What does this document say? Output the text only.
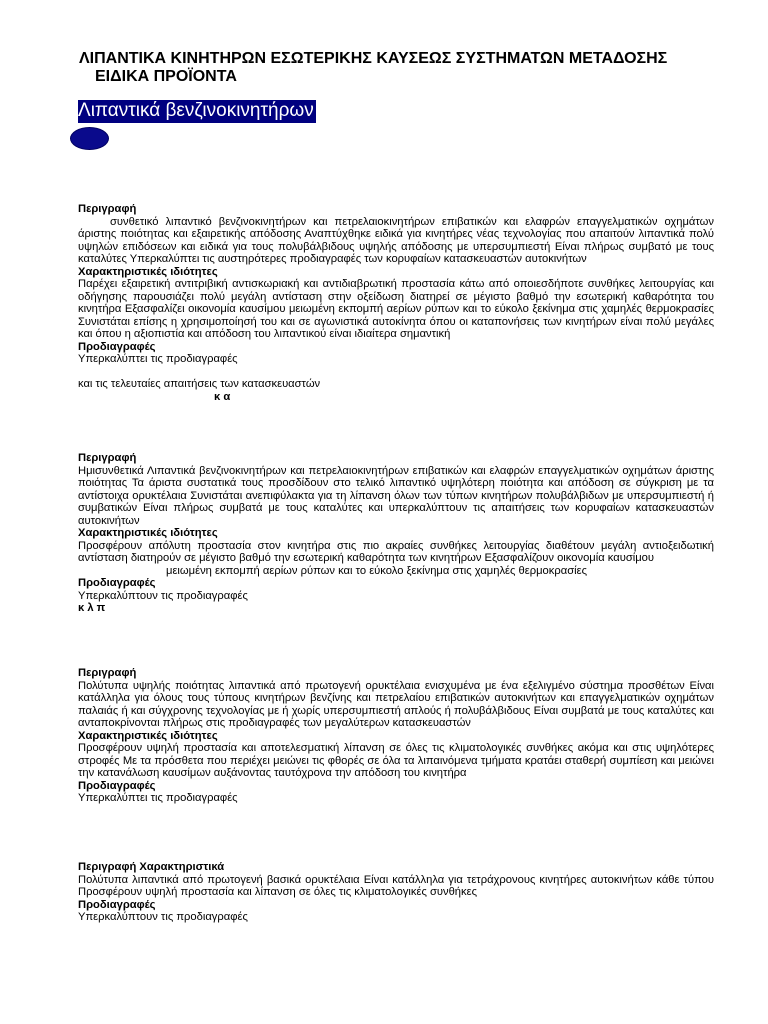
ΛΙΠΑΝΤΙΚΑ ΚΙΝΗΤΗΡΩΝ ΕΣΩΤΕΡΙΚΗΣ ΚΑΥΣΕΩΣ ΣΥΣΤΗΜΑΤΩΝ ΜΕΤΑΔΟΣΗΣ
ΕΙΔΙΚΑ ΠΡΟΪΟΝΤΑ
Λιπαντικά βενζινοκινητήρων
Περιγραφή
συνθετικό λιπαντικό βενζινοκινητήρων και πετρελαιοκινητήρων επιβατικών και ελαφρών επαγγελματικών οχημάτων άριστης ποιότητας και εξαιρετικής απόδοσης Αναπτύχθηκε ειδικά για κινητήρες νέας τεχνολογίας που απαιτούν λιπαντικά πολύ υψηλών επιδόσεων και ειδικά για τους πολυβάλβιδους υψηλής απόδοσης με υπερσυμπιεστή Είναι πλήρως συμβατό με τους καταλύτες Υπερκαλύπτει τις αυστηρότερες προδιαγραφές των κορυφαίων κατασκευαστών αυτοκινήτων
Χαρακτηριστικές ιδιότητες
Παρέχει εξαιρετική αντιτριβική αντισκωριακή και αντιδιαβρωτική προστασία κάτω από οποιεσδήποτε συνθήκες λειτουργίας και οδήγησης παρουσιάζει πολύ μεγάλη αντίσταση στην οξείδωση διατηρεί σε μέγιστο βαθμό την εσωτερική καθαρότητα του κινητήρα Εξασφαλίζει οικονομία καυσίμου μειωμένη εκπομπή αερίων ρύπων και το εύκολο ξεκίνημα στις χαμηλές θερμοκρασίες Συνιστάται επίσης η χρησιμοποίησή του και σε αγωνιστικά αυτοκίνητα όπου οι καταπονήσεις των κινητήρων είναι πολύ μεγάλες και όπου η αξιοπιστία και απόδοση του λιπαντικού είναι ιδιαίτερα σημαντική
Προδιαγραφές
Υπερκαλύπτει τις προδιαγραφές
και τις τελευταίες απαιτήσεις των κατασκευαστών
κ α
Περιγραφή
Ημισυνθετικά Λιπαντικά βενζινοκινητήρων και πετρελαιοκινητήρων επιβατικών και ελαφρών επαγγελματικών οχημάτων άριστης ποιότητας Τα άριστα συστατικά τους προσδίδουν στο τελικό λιπαντικό υψηλότερη ποιότητα και απόδοση σε σύγκριση με τα αντίστοιχα ορυκτέλαια Συνιστάται ανεπιφύλακτα για τη λίπανση όλων των τύπων κινητήρων πολυβάλβιδων με υπερσυμπιεστή ή συμβατικών Είναι πλήρως συμβατά με τους καταλύτες και υπερκαλύπτουν τις απαιτήσεις των κορυφαίων κατασκευαστών αυτοκινήτων
Χαρακτηριστικές ιδιότητες
Προσφέρουν απόλυτη προστασία στον κινητήρα στις πιο ακραίες συνθήκες λειτουργίας διαθέτουν μεγάλη αντιοξειδωτική αντίσταση διατηρούν σε μέγιστο βαθμό την εσωτερική καθαρότητα των κινητήρων Εξασφαλίζουν οικονομία καυσίμου
μειωμένη εκπομπή αερίων ρύπων και το εύκολο ξεκίνημα στις χαμηλές θερμοκρασίες
Προδιαγραφές
Υπερκαλύπτουν τις προδιαγραφές
κ λ π
Περιγραφή
Πολύτυπα υψηλής ποιότητας λιπαντικά από πρωτογενή ορυκτέλαια ενισχυμένα με ένα εξελιγμένο σύστημα προσθέτων Είναι κατάλληλα για όλους τους τύπους κινητήρων βενζίνης και πετρελαίου επιβατικών αυτοκινήτων και επαγγελματικών οχημάτων παλαιάς ή και σύγχρονης τεχνολογίας με ή χωρίς υπερσυμπιεστή απλούς ή πολυβάλβιδους Είναι συμβατά με τους καταλύτες και ανταποκρίνονται πλήρως στις προδιαγραφές των μεγαλύτερων κατασκευαστών
Χαρακτηριστικές ιδιότητες
Προσφέρουν υψηλή προστασία και αποτελεσματική λίπανση σε όλες τις κλιματολογικές συνθήκες ακόμα και στις υψηλότερες στροφές Με τα πρόσθετα που περιέχει μειώνει τις φθορές σε όλα τα λιπαινόμενα τμήματα κρατάει σταθερή συμπίεση και μειώνει την κατανάλωση καυσίμων αυξάνοντας ταυτόχρονα την απόδοση του κινητήρα
Προδιαγραφές
Υπερκαλύπτει τις προδιαγραφές
Περιγραφή Χαρακτηριστικά
Πολύτυπα λιπαντικά από πρωτογενή βασικά ορυκτέλαια Είναι κατάλληλα για τετράχρονους κινητήρες αυτοκινήτων κάθε τύπου Προσφέρουν υψηλή προστασία και λίπανση σε όλες τις κλιματολογικές συνθήκες
Προδιαγραφές
Υπερκαλύπτουν τις προδιαγραφές
